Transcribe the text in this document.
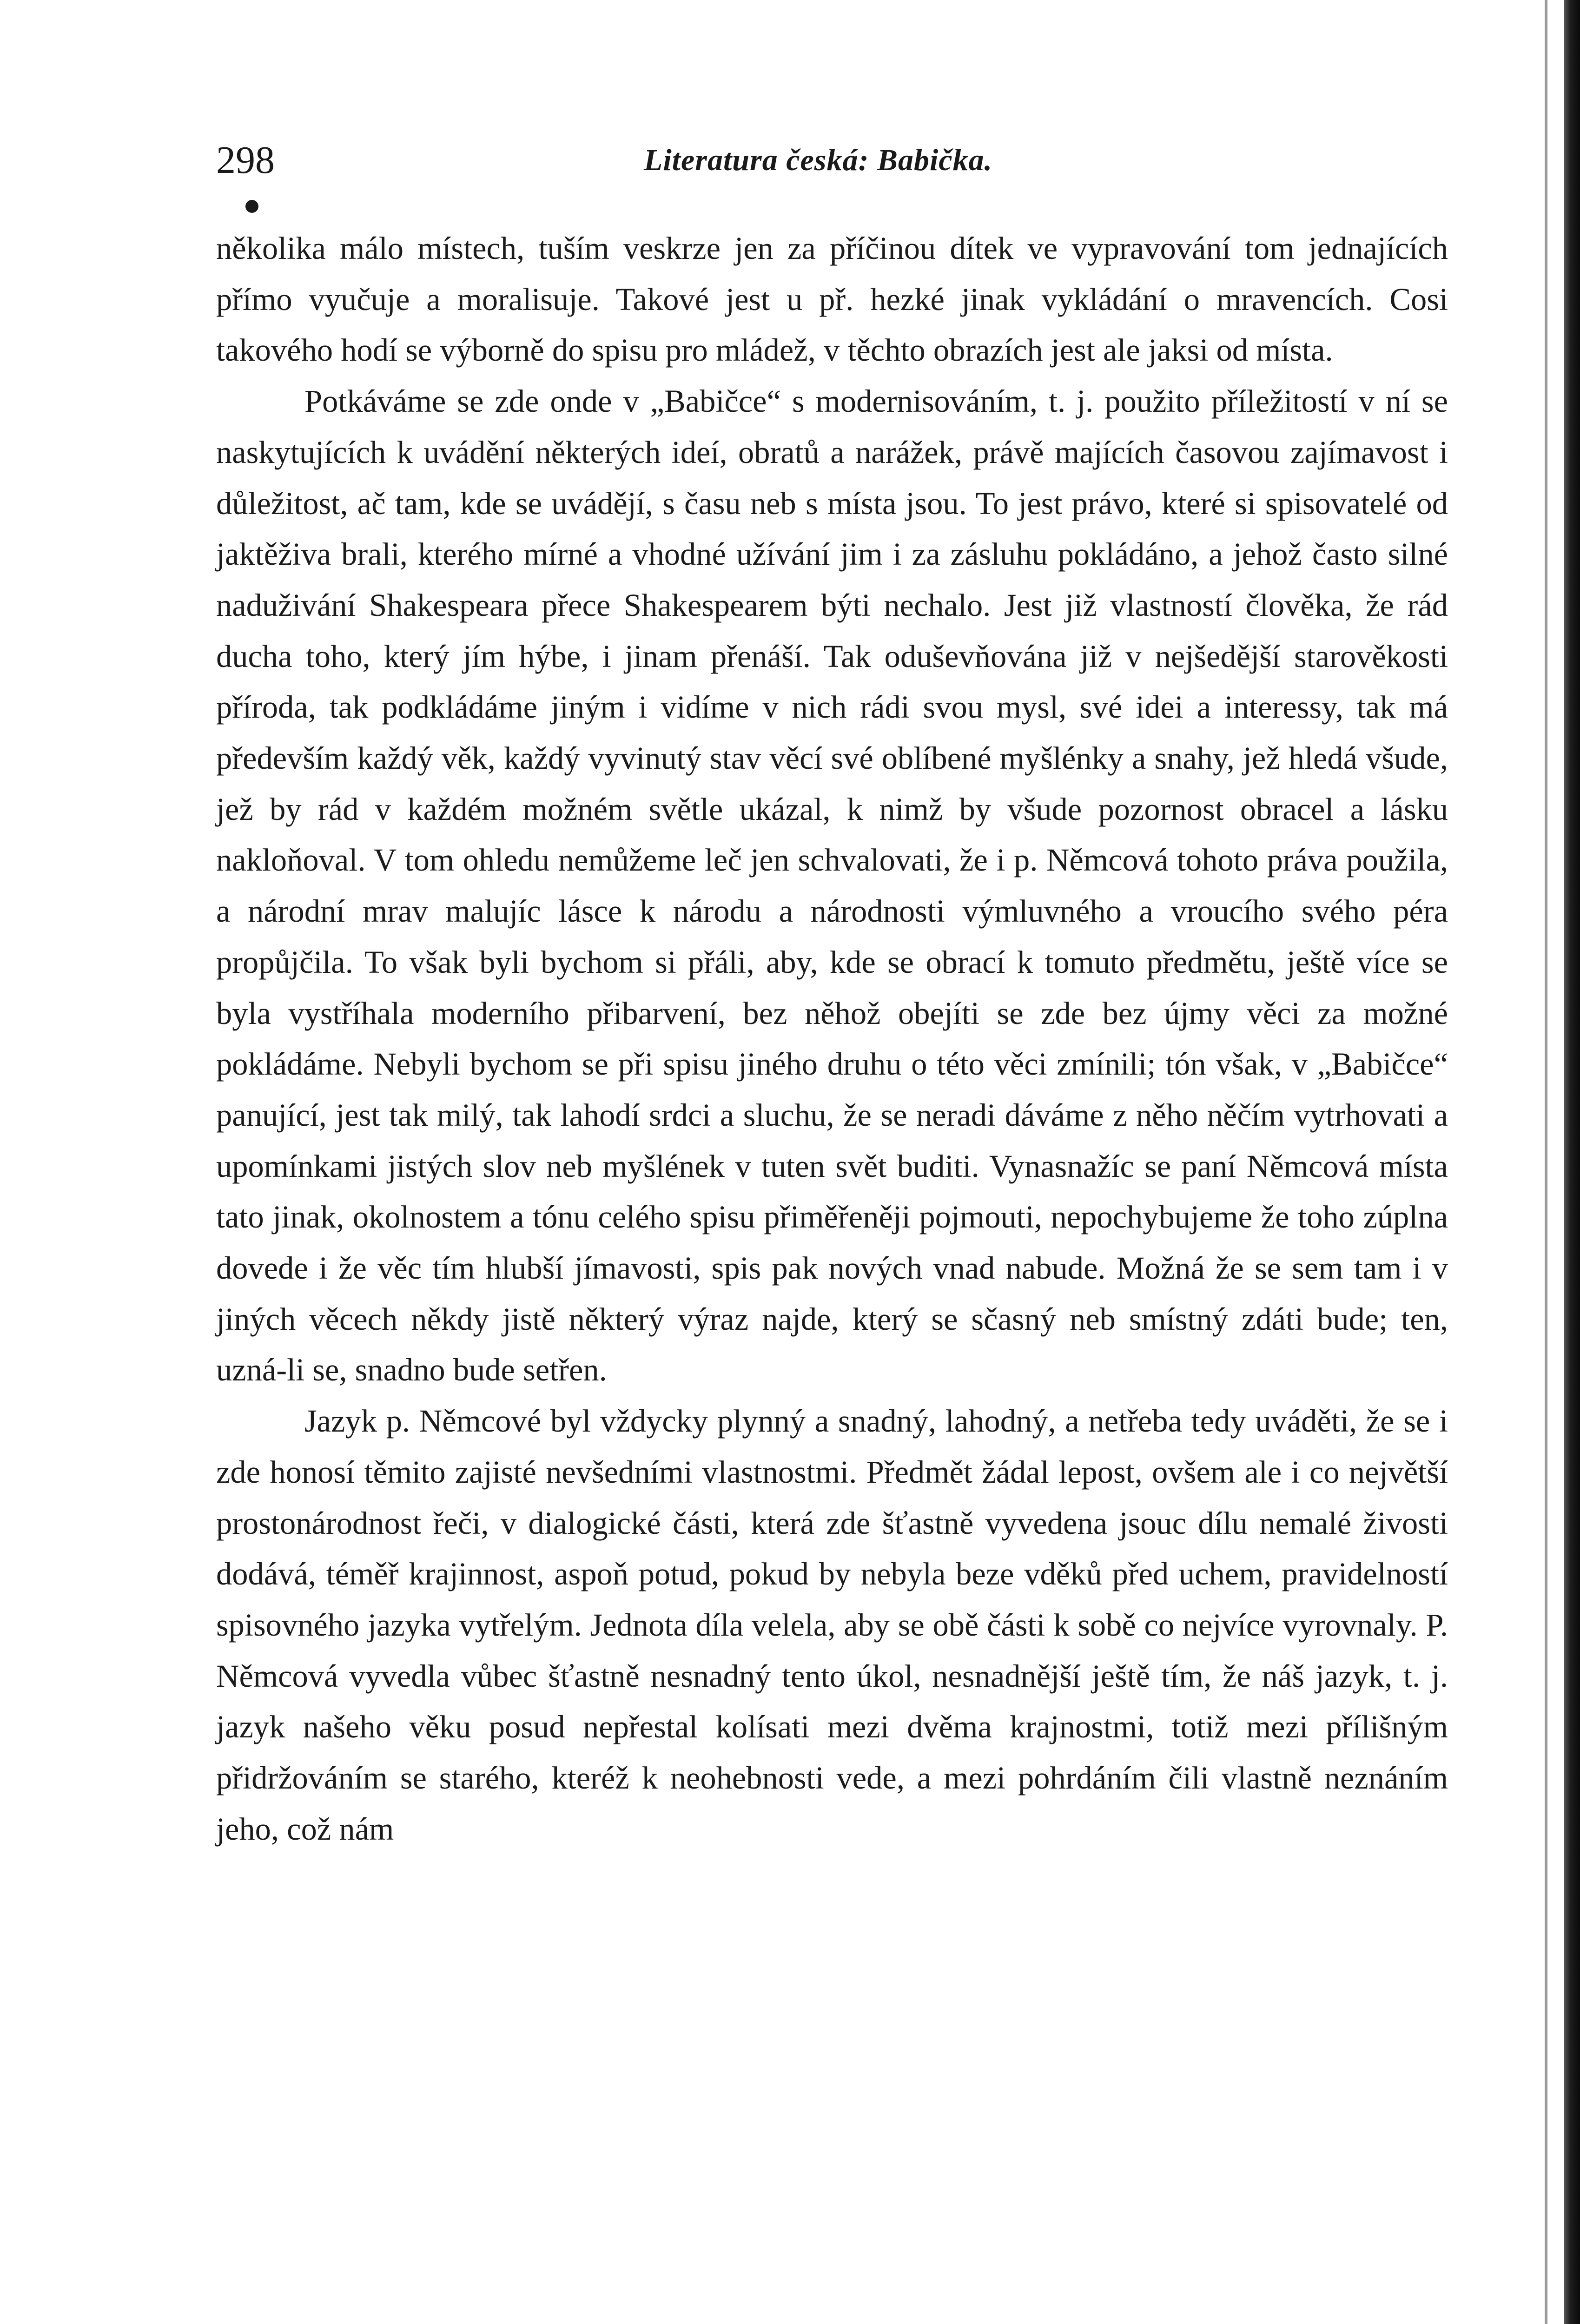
298	Literatura česká: Babička.

několika málo místech, tuším veskrze jen za příčinou dítek ve vypravování tom jednajících přímo vyučuje a moralisuje. Takové jest u př. hezké jinak vykládání o mravencích. Cosi takového hodí se výborně do spisu pro mládež, v těchto obrazích jest ale jaksi od místa.

Potkáváme se zde onde v „Babičce“ s modernisováním, t. j. použito příležitostí v ní se naskytujících k uvádění některých ideí, obratů a narážek, právě majících časovou zajímavost i důležitost, ač tam, kde se uvádějí, s času neb s místa jsou. To jest právo, které si spisovatelé od jaktěživa brali, kterého mírné a vhodné užívání jim i za zásluhu pokládáno, a jehož často silné naduživání Shakespeara přece Shakespearem býti nechalo. Jest již vlastností člověka, že rád ducha toho, který jím hýbe, i jinam přenáší. Tak oduševňována již v nejšedější starověkosti příroda, tak podkládáme jiným i vidíme v nich rádi svou mysl, své idei a interessy, tak má především každý věk, každý vyvinutý stav věcí své oblíbené myšlénky a snahy, jež hledá všude, jež by rád v každém možném světle ukázal, k nimž by všude pozornost obracel a lásku nakloňoval. V tom ohledu nemůžeme leč jen schvalovati, že i p. Němcová tohoto práva použila, a národní mrav malujíc lásce k národu a národnosti výmluvného a vroucího svého péra propůjčila. To však byli bychom si přáli, aby, kde se obrací k tomuto předmětu, ještě více se byla vystříhala moderního přibarvení, bez něhož obejíti se zde bez újmy věci za možné pokládáme. Nebyli bychom se při spisu jiného druhu o této věci zmínili; tón však, v „Babičce“ panující, jest tak milý, tak lahodí srdci a sluchu, že se neradi dáváme z něho něčím vytrhovati a upomínkami jistých slov neb myšlének v tuten svět buditi. Vynasnažíc se paní Němcová místa tato jinak, okolnostem a tónu celého spisu přiměřeněji pojmouti, nepochybujeme že toho zúplna dovede i že věc tím hlubší jímavosti, spis pak nových vnad nabude. Možná že se sem tam i v jiných věcech někdy jistě některý výraz najde, který se sčasný neb smístný zdáti bude; ten, uzná-li se, snadno bude setřen.

Jazyk p. Němcové byl vždycky plynný a snadný, lahodný, a netřeba tedy uváděti, že se i zde honosí těmito zajisté nevšedními vlastnostmi. Předmět žádal lepost, ovšem ale i co největší prostonárodnost řeči, v dialogické části, která zde šťastně vyvedena jsouc dílu nemalé živosti dodává, téměř krajinnost, aspoň potud, pokud by nebyla beze vděků před uchem, pravidelností spisovného jazyka vytřelým. Jednota díla velela, aby se obě části k sobě co nejvíce vyrovnaly. P. Němcová vyvedla vůbec šťastně nesnadný tento úkol, nesnadnější ještě tím, že náš jazyk, t. j. jazyk našeho věku posud nepřestal kolísati mezi dvěma krajnostmi, totiž mezi přílišným přidržováním se starého, kteréž k neohebnosti vede, a mezi pohrdáním čili vlastně neznáním jeho, což nám
